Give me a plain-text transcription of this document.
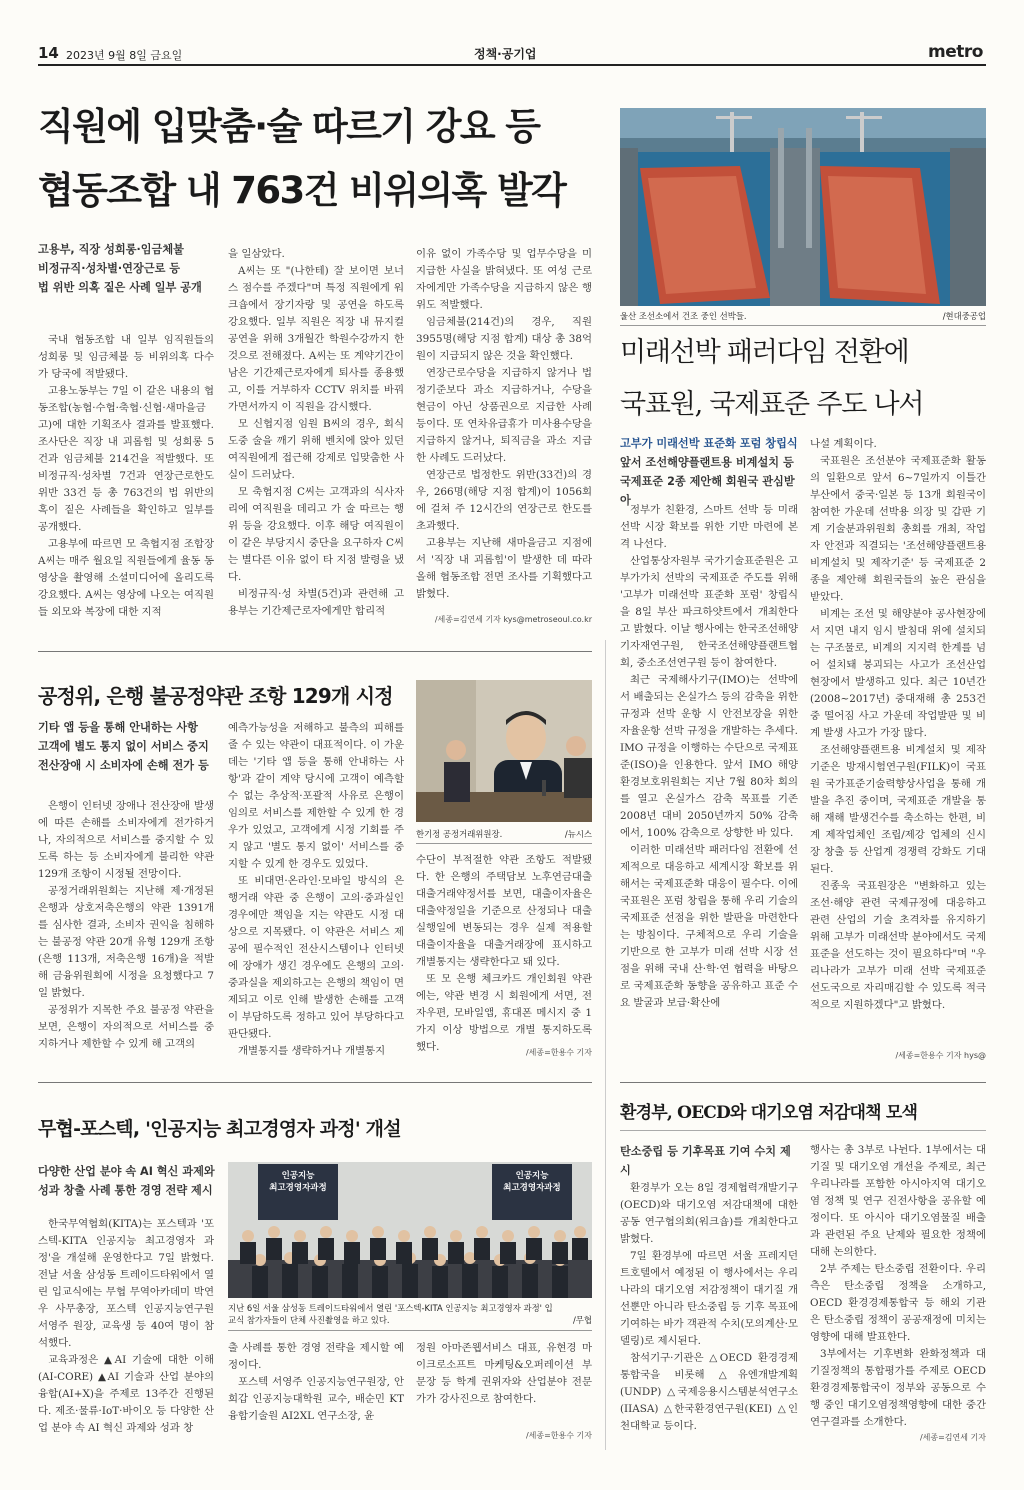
14 2023년 9월 8일 금요일	정책·공기업	metro
직원에 입맞춤·술 따르기 강요 등
협동조합 내 763건 비위의혹 발각
고용부, 직장 성희롱·임금체불
비정규직·성차별·연장근로 등
법 위반 의혹 짙은 사례 일부 공개

국내 협동조합 내 일부 임직원들의 성희롱 및 임금체불 등 비위의혹 다수가 당국에 적발됐다.

고용노동부는 7일 이 같은 내용의 협동조합(농협·수협·축협·신협·새마을금고)에 대한 기획조사 결과를 발표했다. 조사단은 직장 내 괴롭힘 및 성희롱 5건과 임금체불 214건을 적발했다. 또 비정규직·성차별 7건과 연장근로한도 위반 33건 등 총 763건의 법 위반의 혹이 짙은 사례들을 확인하고 일부를 공개했다.

고용부에 따르면 모 축협지점 조합장 A씨는 매주 월요일 직원들에게 율동 동영상을 촬영해 소셜미디어에 올리도록 강요했다. A씨는 영상에 나오는 여직원들 외모와 복장에 대한 지적

을 일삼았다.

A씨는 또 "(나한테) 잘 보이면 보너스 점수를 주겠다"며 특정 직원에게 워크숍에서 장기자랑 및 공연을 하도록 강요했다. 일부 직원은 직장 내 뮤지컬 공연을 위해 3개월간 학원수강까지 한 것으로 전해졌다. A씨는 또 계약기간이 남은 기간제근로자에게 퇴사를 종용했고, 이를 거부하자 CCTV 위치를 바꿔가면서까지 이 직원을 감시했다.

모 신협지점 임원 B씨의 경우, 회식 도중 술을 깨기 위해 벤치에 앉아 있던 여직원에게 접근해 강제로 입맞춤한 사실이 드러났다.

모 축협지점 C씨는 고객과의 식사자리에 여직원을 데리고 가 술 따르는 행위 등을 강요했다. 이후 해당 여직원이 이 같은 부당지시 중단을 요구하자 C씨는 별다른 이유 없이 타 지점 발령을 냈다.

비정규직·성 차별(5건)과 관련해 고용부는 기간제근로자에게만 합리적

이유 없이 가족수당 및 업무수당을 미지급한 사실을 밝혀냈다. 또 여성 근로자에게만 가족수당을 지급하지 않은 행위도 적발했다.

임금체불(214건)의 경우, 직원 3955명(해당 지점 합계) 대상 총 38억 원이 지급되지 않은 것을 확인했다.

연장근로수당을 지급하지 않거나 법정기준보다 과소 지급하거나, 수당을 현금이 아닌 상품권으로 지급한 사례 등이다. 또 연차유급휴가 미사용수당을 지급하지 않거나, 퇴직금을 과소 지급한 사례도 드러났다.

연장근로 법정한도 위반(33건)의 경우, 266명(해당 지점 합계)이 1056회에 걸쳐 주 12시간의 연장근로 한도를 초과했다.

고용부는 지난해 새마을금고 지점에서 '직장 내 괴롭힘'이 발생한 데 따라 올해 협동조합 전면 조사를 기획했다고 밝혔다.

/세종=김연세 기자 kys@metroseoul.co.kr
공정위, 은행 불공정약관 조항 129개 시정
한기정 공정거래위원장.	/뉴시스
기타 앱 등을 통해 안내하는 사항
고객에 별도 통지 없이 서비스 중지
전산장애 시 소비자에 손해 전가 등

은행이 인터넷 장애나 전산장애 발생에 따른 손해를 소비자에게 전가하거나, 자의적으로 서비스를 중지할 수 있도록 하는 등 소비자에게 불리한 약관 129개 조항이 시정될 전망이다.

공정거래위원회는 지난해 제·개정된 은행과 상호저축은행의 약관 1391개를 심사한 결과, 소비자 권익을 침해하는 불공정 약관 20개 유형 129개 조항(은행 113개, 저축은행 16개)을 적발해 금융위원회에 시정을 요청했다고 7일 밝혔다.

공정위가 지목한 주요 불공정 약관을 보면, 은행이 자의적으로 서비스를 중지하거나 제한할 수 있게 해 고객의

예측가능성을 저해하고 불측의 피해를 줄 수 있는 약관이 대표적이다. 이 가운데는 '기타 앱 등을 통해 안내하는 사항'과 같이 계약 당시에 고객이 예측할 수 없는 추상적·포괄적 사유로 은행이 임의로 서비스를 제한할 수 있게 한 경우가 있었고, 고객에게 시정 기회를 주지 않고 '별도 통지 없이' 서비스를 중지할 수 있게 한 경우도 있었다.

또 비대면·온라인·모바일 방식의 은행거래 약관 중 은행이 고의·중과실인 경우에만 책임을 지는 약관도 시정 대상으로 지목됐다. 이 약관은 서비스 제공에 필수적인 전산시스템이나 인터넷에 장애가 생긴 경우에도 은행의 고의·중과실을 제외하고는 은행의 책임이 면제되고 이로 인해 발생한 손해를 고객이 부담하도록 정하고 있어 부당하다고 판단됐다.

개별통지를 생략하거나 개별통지

수단이 부적절한 약관 조항도 적발됐다. 한 은행의 주택담보 노후연금대출 대출거래약정서를 보면, 대출이자율은 대출약정일을 기준으로 산정되나 대출 실행일에 변동되는 경우 실제 적용할 대출이자율을 대출거래장에 표시하고 개별통지는 생략한다고 돼 있다.

또 모 은행 체크카드 개인회원 약관에는, 약관 변경 시 회원에게 서면, 전자우편, 모바일앱, 휴대폰 메시지 중 1가지 이상 방법으로 개별 통지하도록 했다.	/세종=한용수 기자
무협-포스텍, '인공지능 최고경영자 과정' 개설
다양한 산업 분야 속 AI 혁신 과제와
성과 창출 사례 통한 경영 전략 제시

한국무역협회(KITA)는 포스텍과 '포스텍-KITA 인공지능 최고경영자 과정'을 개설해 운영한다고 7일 밝혔다. 전날 서울 삼성동 트레이드타워에서 열린 입교식에는 무협 무역아카데미 박연우 사무총장, 포스텍 인공지능연구원 서영주 원장, 교육생 등 40여 명이 참석했다.

교육과정은 ▲AI 기술에 대한 이해(AI-CORE) ▲AI 기술과 산업 분야의 융합(AI+X)을 주제로 13주간 진행된다. 제조·물류·IoT·바이오 등 다양한 산업 분야 속 AI 혁신 과제와 성과 창

인공지능
최고경영자과정
인공지능
최고경영자과정
지난 6일 서울 삼성동 트레이드타워에서 열린 '포스텍-KITA 인공지능 최고경영자 과정' 입교식 참가자들이 단체 사진촬영을 하고 있다.	/무협

출 사례를 통한 경영 전략을 제시할 예정이다.

포스텍 서영주 인공지능연구원장, 안희갑 인공지능대학원 교수, 배순민 KT 융합기술원 AI2XL 연구소장, 윤

정원 아마존웹서비스 대표, 유현경 마이크로소프트 마케팅&오퍼레이션 부문장 등 학계 권위자와 산업분야 전문가가 강사진으로 참여한다.

/세종=한용수 기자
울산 조선소에서 건조 중인 선박들.	/현대중공업
미래선박 패러다임 전환에
국표원, 국제표준 주도 나서
고부가 미래선박 표준화 포럼 창립식
앞서 조선해양플랜트용 비계설치 등
국제표준 2종 제안해 회원국 관심받아

정부가 친환경, 스마트 선박 등 미래선박 시장 확보를 위한 기반 마련에 본격 나선다.

산업통상자원부 국가기술표준원은 고부가가치 선박의 국제표준 주도를 위해 '고부가 미래선박 표준화 포럼' 창립식을 8일 부산 파크하얏트에서 개최한다고 밝혔다. 이날 행사에는 한국조선해양기자재연구원, 한국조선해양플랜트협회, 중소조선연구원 등이 참여한다.

최근 국제해사기구(IMO)는 선박에서 배출되는 온실가스 등의 감축을 위한 규정과 선박 운항 시 안전보장을 위한 자율운항 선박 규정을 개발하는 추세다. IMO 규정을 이행하는 수단으로 국제표준(ISO)을 인용한다. 앞서 IMO 해양환경보호위원회는 지난 7월 80차 회의를 열고 온실가스 감축 목표를 기존 2008년 대비 2050년까지 50% 감축에서, 100% 감축으로 상향한 바 있다.

이러한 미래선박 패러다임 전환에 선제적으로 대응하고 세계시장 확보를 위해서는 국제표준화 대응이 필수다. 이에 국표원은 포럼 창립을 통해 우리 기술의 국제표준 선점을 위한 발판을 마련한다는 방침이다. 구체적으로 우리 기술을 기반으로 한 고부가 미래 선박 시장 선점을 위해 국내 산·학·연 협력을 바탕으로 국제표준화 동향을 공유하고 표준 수요 발굴과 보급·확산에

나설 계획이다.

국표원은 조선분야 국제표준화 활동의 일환으로 앞서 6~7일까지 이틀간 부산에서 중국·일본 등 13개 회원국이 참여한 가운데 선박용 의장 및 갑판 기계 기술분과위원회 총회를 개최, 작업자 안전과 직결되는 '조선해양플랜트용 비계설치 및 제작기준' 등 국제표준 2종을 제안해 회원국들의 높은 관심을 받았다.

비계는 조선 및 해양분야 공사현장에서 지면 내지 임시 발침대 위에 설치되는 구조물로, 비계의 지지력 한계를 넘어 설치돼 붕괴되는 사고가 조선산업 현장에서 발생하고 있다. 최근 10년간(2008~2017년) 중대재해 총 253건 중 떨어짐 사고 가운데 작업발판 및 비계 발생 사고가 가장 많다.

조선해양플랜트용 비계설치 및 제작기준은 방재시험연구원(FILK)이 국표원 국가표준기술력향상사업을 통해 개발을 추진 중이며, 국제표준 개발을 통해 재해 발생건수를 축소하는 한편, 비계 제작업체인 조립/제강 업체의 신시장 창출 등 산업계 경쟁력 강화도 기대된다.

진종욱 국표원장은 "변화하고 있는 조선·해양 관련 국제규정에 대응하고 관련 산업의 기술 초격차를 유지하기 위해 고부가 미래선박 분야에서도 국제표준을 선도하는 것이 필요하다"며 "우리나라가 고부가 미래 선박 국제표준 선도국으로 자리매김할 수 있도록 적극적으로 지원하겠다"고 밝혔다.

/세종=한용수 기자 hys@
환경부, OECD와 대기오염 저감대책 모색
탄소중립 등 기후목표 기여 수치 제시

환경부가 오는 8일 경제협력개발기구(OECD)와 대기오염 저감대책에 대한 공동 연구협의회(워크숍)를 개최한다고 밝혔다.

7일 환경부에 따르면 서울 프레지던트호텔에서 예정된 이 행사에서는 우리나라의 대기오염 저감정책이 대기질 개선뿐만 아니라 탄소중립 등 기후 목표에 기여하는 바가 객관적 수치(모의계산·모델링)로 제시된다.

참석기구·기관은 △OECD 환경경제통합국을 비롯해 △유엔개발계획(UNDP) △국제응용시스템분석연구소(IIASA) △한국환경연구원(KEI) △인천대학교 등이다.

행사는 총 3부로 나뉜다. 1부에서는 대기질 및 대기오염 개선을 주제로, 최근 우리나라를 포함한 아시아지역 대기오염 정책 및 연구 진전사항을 공유할 예정이다. 또 아시아 대기오염물질 배출과 관련된 주요 난제와 필요한 정책에 대해 논의한다.

2부 주제는 탄소중립 전환이다. 우리 측은 탄소중립 정책을 소개하고, OECD 환경경제통합국 등 해외 기관은 탄소중립 정책이 공공재정에 미치는 영향에 대해 발표한다.

3부에서는 기후변화 완화정책과 대기질정책의 통합평가를 주제로 OECD 환경경제통합국이 정부와 공동으로 수행 중인 대기오염정책영향에 대한 중간 연구결과를 소개한다.

/세종=김연세 기자
